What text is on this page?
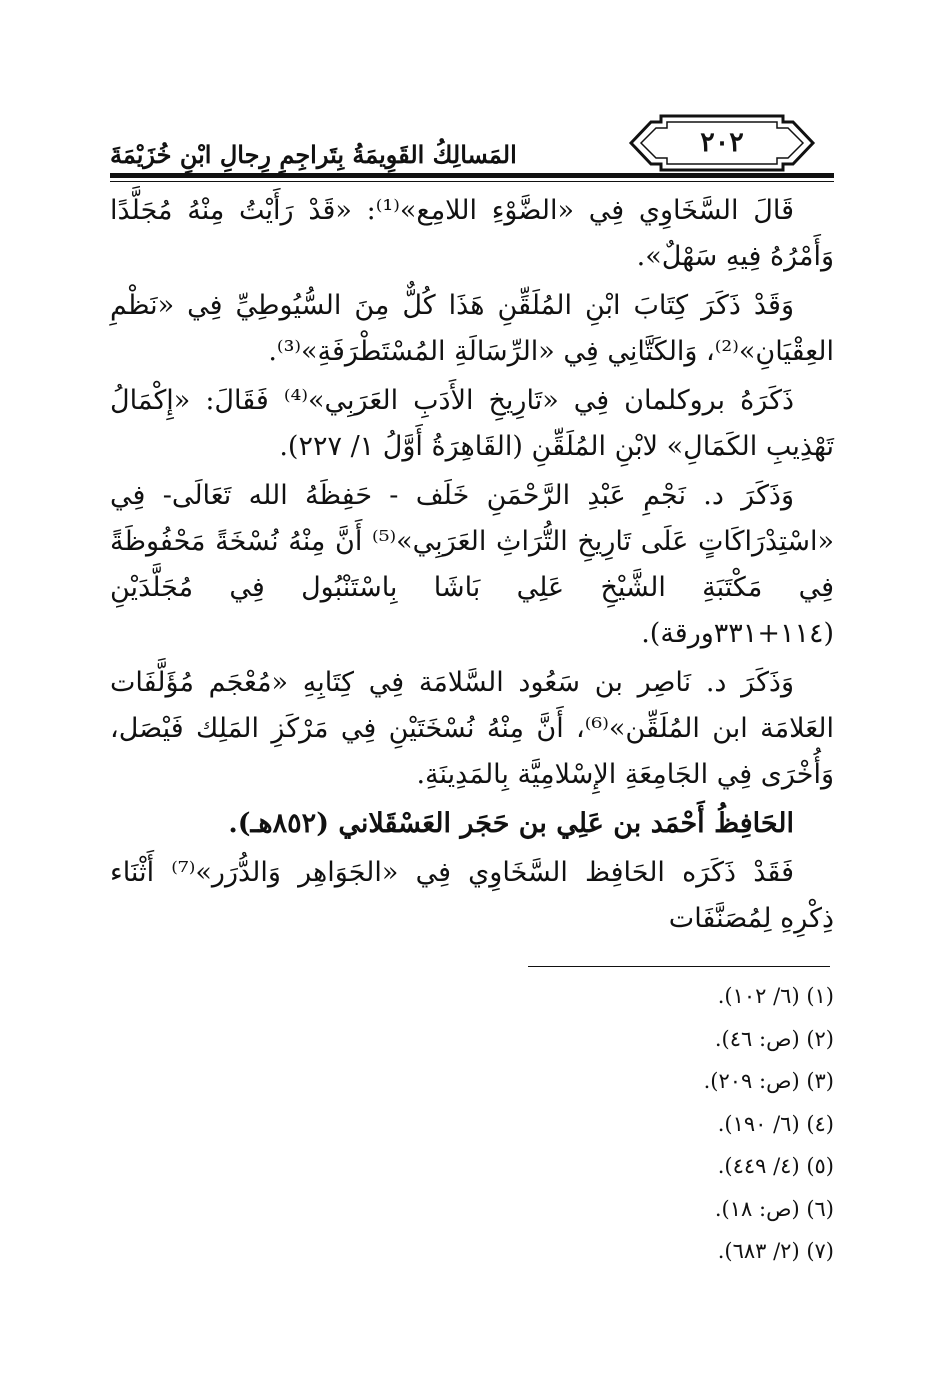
المَسالِكُ القَوِيمَةُ بِتَراجِمِ رِجالِ ابْنِ خُزَيْمَةَ	٢٠٢

قَالَ السَّخَاوِي فِي «الضَّوْءِ اللامِع»⁽¹⁾: «قَدْ رَأَيْتُ مِنْهُ مُجَلَّدًا وَأَمْرُهُ فِيهِ سَهْلٌ».

وَقَدْ ذَكَرَ كِتَابَ ابْنِ المُلَقِّنِ هَذَا كُلٌّ مِنَ السُّيُوطِيِّ فِي «نَظْمِ العِقْيَانِ»⁽²⁾، وَالكَتَّانِي فِي «الرِّسَالَةِ المُسْتَطْرَفَةِ»⁽³⁾.

ذَكَرَهُ بروكلمان فِي «تَارِيخِ الأَدَبِ العَرَبِي»⁽⁴⁾ فَقَالَ: «إِكْمَالُ تَهْذِيبِ الكَمَالِ» لابْنِ المُلَقِّنِ (القَاهِرَةُ أَوَّلُ ١/ ٢٢٧).

وَذَكَرَ د. نَجْمِ عَبْدِ الرَّحْمَنِ خَلَف - حَفِظَهُ الله تَعَالَى- فِي «اسْتِدْرَاكَاتٍ عَلَى تَارِيخِ التُّرَاثِ العَرَبِي»⁽⁵⁾ أَنَّ مِنْهُ نُسْخَةً مَحْفُوظَةً فِي مَكْتَبَةِ الشَّيْخِ عَلِي بَاشَا بِاسْتَنْبُول فِي مُجَلَّدَيْنِ (١١٤+٣٣١ورقة).

وَذَكَرَ د. نَاصِر بن سَعُود السَّلامَة فِي كِتَابِهِ «مُعْجَم مُؤَلَّفَات العَلامَة ابن المُلَقِّن»⁽⁶⁾، أَنَّ مِنْهُ نُسْخَتَيْنِ فِي مَرْكَزِ المَلِك فَيْصَل، وَأُخْرَى فِي الجَامِعَةِ الإِسْلامِيَّة بِالمَدِينَةِ.

الحَافِظُ أَحْمَد بن عَلِي بن حَجَر العَسْقَلاني (٨٥٢هـ).

فَقَدْ ذَكَرَه الحَافِظ السَّخَاوِي فِي «الجَوَاهِر وَالدُّرَر»⁽⁷⁾ أَثْنَاء ذِكْرِهِ لِمُصَنَّفَات

(١) (٦/ ١٠٢).
(٢) (ص: ٤٦).
(٣) (ص: ٢٠٩).
(٤) (٦/ ١٩٠).
(٥) (٤/ ٤٤٩).
(٦) (ص: ١٨).
(٧) (٢/ ٦٨٣).
